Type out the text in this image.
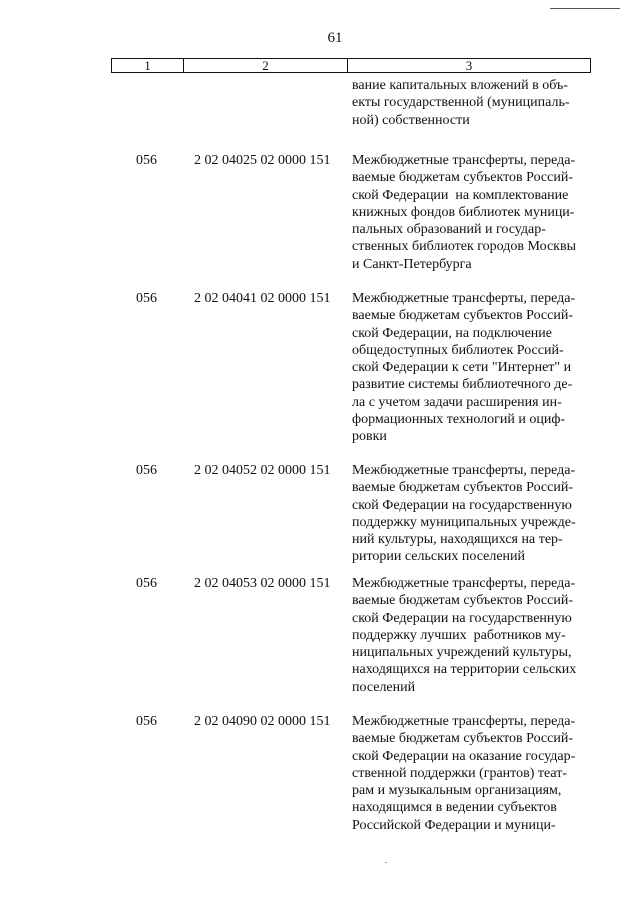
61
1	2	3
вание капитальных вложений в объ-
екты государственной (муниципаль-
ной) собственности
056	2 02 04025 02 0000 151 Межбюджетные трансферты, переда-
ваемые бюджетам субъектов Россий-
ской Федерации  на комплектование
книжных фондов библиотек муници-
пальных образований и государ-
ственных библиотек городов Москвы
и Санкт-Петербурга
056	2 02 04041 02 0000 151 Межбюджетные трансферты, переда-
ваемые бюджетам субъектов Россий-
ской Федерации, на подключение
общедоступных библиотек Россий-
ской Федерации к сети "Интернет" и
развитие системы библиотечного де-
ла с учетом задачи расширения ин-
формационных технологий и оциф-
ровки
056	2 02 04052 02 0000 151 Межбюджетные трансферты, переда-
ваемые бюджетам субъектов Россий-
ской Федерации на государственную
поддержку муниципальных учрежде-
ний культуры, находящихся на тер-
ритории сельских поселений
056	2 02 04053 02 0000 151 Межбюджетные трансферты, переда-
ваемые бюджетам субъектов Россий-
ской Федерации на государственную
поддержку лучших  работников му-
ниципальных учреждений культуры,
находящихся на территории сельских
поселений
056	2 02 04090 02 0000 151 Межбюджетные трансферты, переда-
ваемые бюджетам субъектов Россий-
ской Федерации на оказание государ-
ственной поддержки (грантов) теат-
рам и музыкальным организациям,
находящимся в ведении субъектов
Российской Федерации и муници-
